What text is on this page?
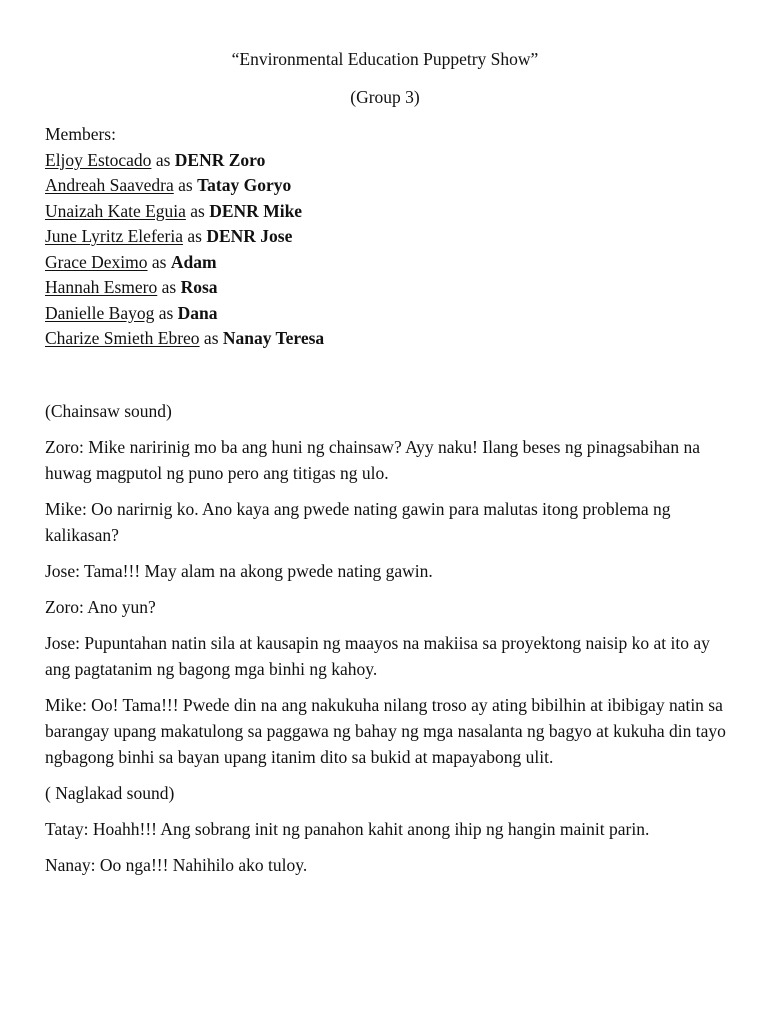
“Environmental Education Puppetry Show”
(Group 3)
Members:
Eljoy Estocado as DENR Zoro
Andreah Saavedra as Tatay Goryo
Unaizah Kate Eguia as DENR Mike
June Lyritz Eleferia as DENR Jose
Grace Deximo as Adam
Hannah Esmero as Rosa
Danielle Bayog as Dana
Charize Smieth Ebreo as Nanay Teresa

(Chainsaw sound)

Zoro: Mike naririnig mo ba ang huni ng chainsaw? Ayy naku! Ilang beses ng pinagsabihan na huwag magputol ng puno pero ang titigas ng ulo.

Mike: Oo narirnig ko. Ano kaya ang pwede nating gawin para malutas itong problema ng kalikasan?

Jose: Tama!!! May alam na akong pwede nating gawin.

Zoro: Ano yun?

Jose: Pupuntahan natin sila at kausapin ng maayos na makiisa sa proyektong naisip ko at ito ay ang pagtatanim ng bagong mga binhi ng kahoy.

Mike: Oo! Tama!!! Pwede din na ang nakukuha nilang troso ay ating bibilhin at ibibigay natin sa barangay upang makatulong sa paggawa ng bahay ng mga nasalanta ng bagyo at kukuha din tayo ngbagong binhi sa bayan upang itanim dito sa bukid at mapayabong ulit.

( Naglakad sound)

Tatay: Hoahh!!! Ang sobrang init ng panahon kahit anong ihip ng hangin mainit parin.

Nanay: Oo nga!!! Nahihilo ako tuloy.
